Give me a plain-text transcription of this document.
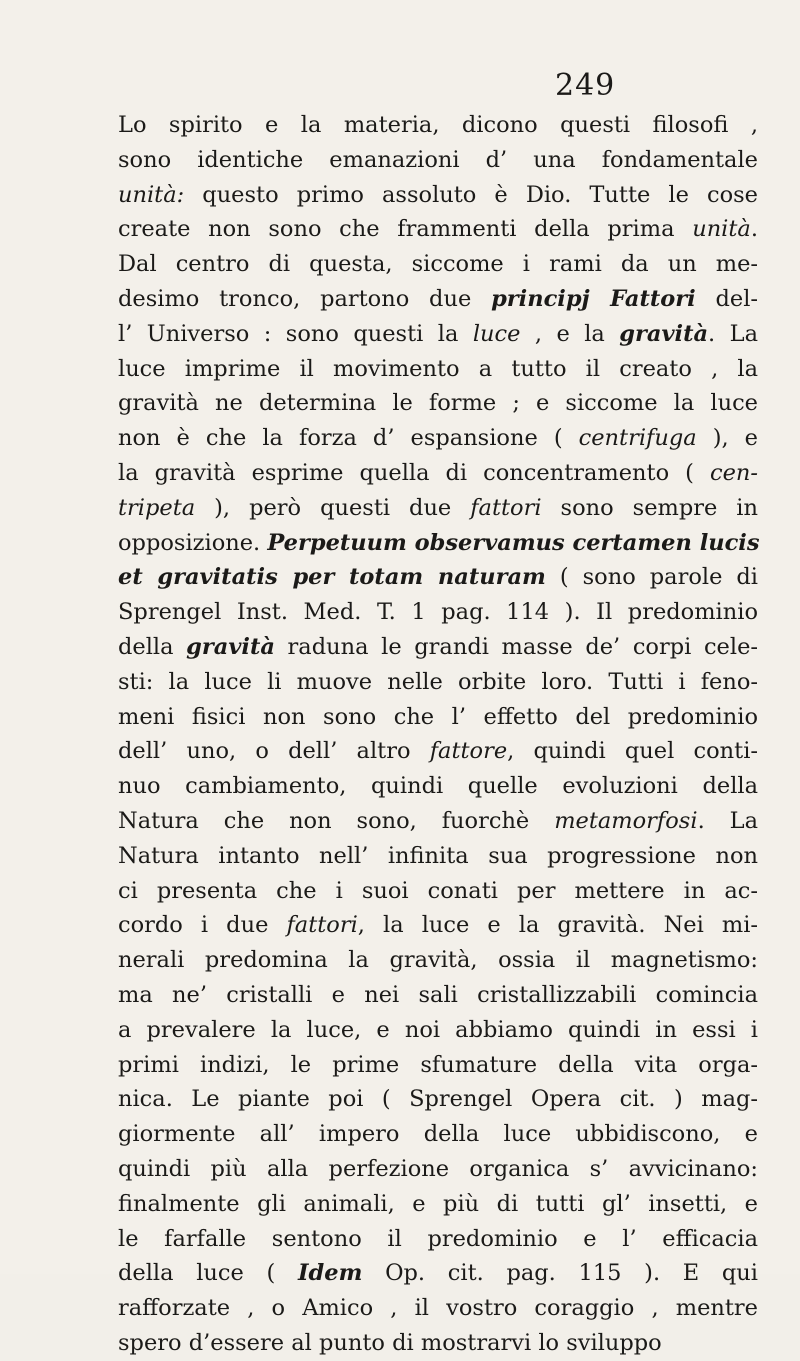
249
Lo spirito e la materia, dicono questi filosofi ,
sono identiche emanazioni d’ una fondamentale
unità: questo primo assoluto è Dio. Tutte le cose
create non sono che frammenti della prima unità.
Dal centro di questa, siccome i rami da un me-
desimo tronco, partono due principj Fattori del-
l’ Universo : sono questi la luce , e la gravità. La
luce imprime il movimento a tutto il creato , la
gravità ne determina le forme ; e siccome la luce
non è che la forza d’ espansione ( centrifuga ), e
la gravità esprime quella di concentramento ( cen-
tripeta ), però questi due fattori sono sempre in
opposizione. Perpetuum observamus certamen lucis
et gravitatis per totam naturam ( sono parole di
Sprengel Inst. Med. T. 1 pag. 114 ). Il predominio
della gravità raduna le grandi masse de’ corpi cele-
sti: la luce li muove nelle orbite loro. Tutti i feno-
meni fisici non sono che l’ effetto del predominio
dell’ uno, o dell’ altro fattore, quindi quel conti-
nuo cambiamento, quindi quelle evoluzioni della
Natura che non sono, fuorchè metamorfosi. La
Natura intanto nell’ infinita sua progressione non
ci presenta che i suoi conati per mettere in ac-
cordo i due fattori, la luce e la gravità. Nei mi-
nerali predomina la gravità, ossia il magnetismo:
ma ne’ cristalli e nei sali cristallizzabili comincia
a prevalere la luce, e noi abbiamo quindi in essi i
primi indizi, le prime sfumature della vita orga-
nica. Le piante poi ( Sprengel Opera cit. ) mag-
giormente all’ impero della luce ubbidiscono, e
quindi più alla perfezione organica s’ avvicinano:
finalmente gli animali, e più di tutti gl’ insetti, e
le farfalle sentono il predominio e l’ efficacia
della luce ( Idem Op. cit. pag. 115 ). E qui
rafforzate , o Amico , il vostro coraggio , mentre
spero d’essere al punto di mostrarvi lo sviluppo
